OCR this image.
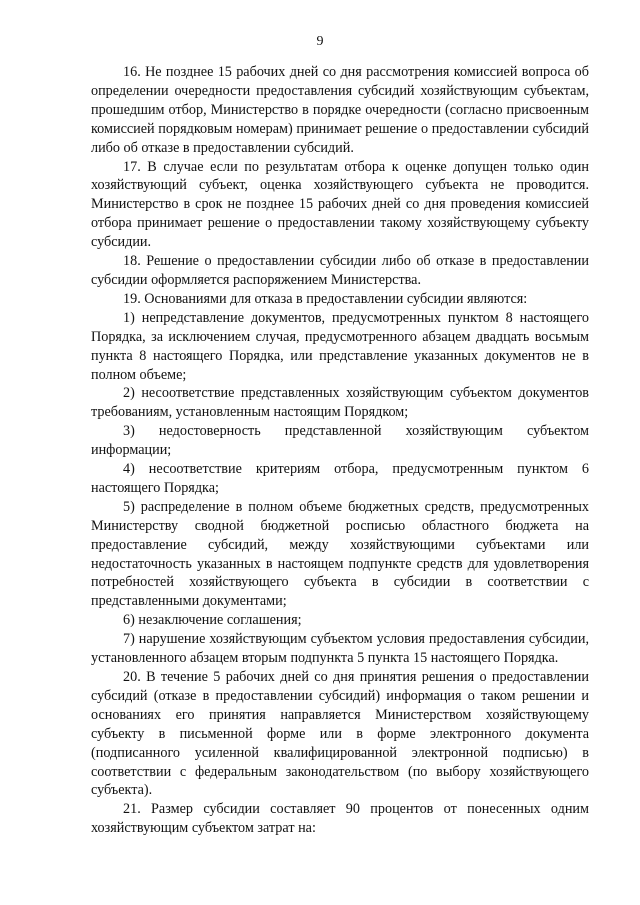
9

16. Не позднее 15 рабочих дней со дня рассмотрения комиссией вопроса об определении очередности предоставления субсидий хозяйствующим субъектам, прошедшим отбор, Министерство в порядке очередности (согласно присвоенным комиссией порядковым номерам) принимает решение о предоставлении субсидий либо об отказе в предоставлении субсидий.

17. В случае если по результатам отбора к оценке допущен только один хозяйствующий субъект, оценка хозяйствующего субъекта не проводится. Министерство в срок не позднее 15 рабочих дней со дня проведения комиссией отбора принимает решение о предоставлении такому хозяйствующему субъекту субсидии.

18. Решение о предоставлении субсидии либо об отказе в предоставлении субсидии оформляется распоряжением Министерства.

19. Основаниями для отказа в предоставлении субсидии являются:

1) непредставление документов, предусмотренных пунктом 8 настоящего Порядка, за исключением случая, предусмотренного абзацем двадцать восьмым пункта 8 настоящего Порядка, или представление указанных документов не в полном объеме;

2) несоответствие представленных хозяйствующим субъектом документов требованиям, установленным настоящим Порядком;

3) недостоверность представленной хозяйствующим субъектом информации;

4) несоответствие критериям отбора, предусмотренным пунктом 6 настоящего Порядка;

5) распределение в полном объеме бюджетных средств, предусмотренных Министерству сводной бюджетной росписью областного бюджета на предоставление субсидий, между хозяйствующими субъектами или недостаточность указанных в настоящем подпункте средств для удовлетворения потребностей хозяйствующего субъекта в субсидии в соответствии с представленными документами;

6) незаключение соглашения;

7) нарушение хозяйствующим субъектом условия предоставления субсидии, установленного абзацем вторым подпункта 5 пункта 15 настоящего Порядка.

20. В течение 5 рабочих дней со дня принятия решения о предоставлении субсидий (отказе в предоставлении субсидий) информация о таком решении и основаниях его принятия направляется Министерством хозяйствующему субъекту в письменной форме или в форме электронного документа (подписанного усиленной квалифицированной электронной подписью) в соответствии с федеральным законодательством (по выбору хозяйствующего субъекта).

21. Размер субсидии составляет 90 процентов от понесенных одним хозяйствующим субъектом затрат на:
